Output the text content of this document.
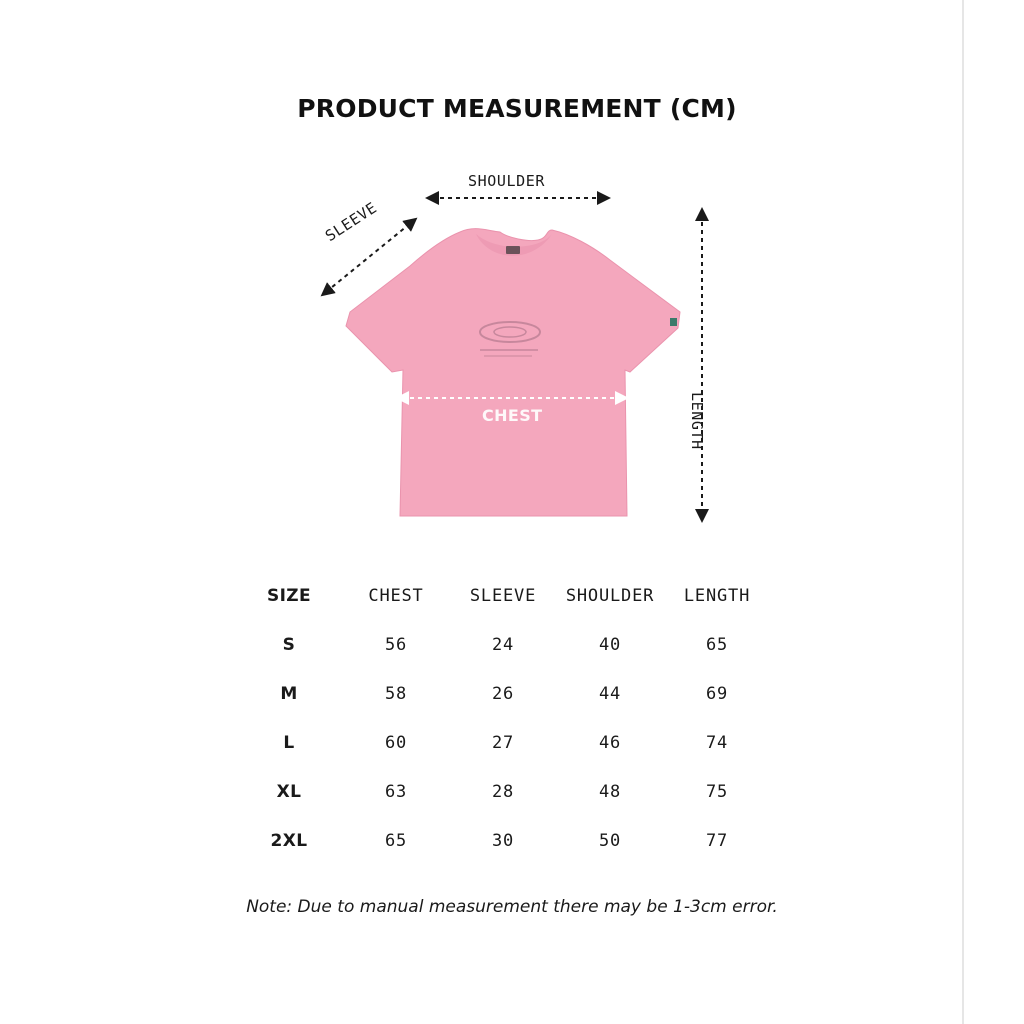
PRODUCT MEASUREMENT (CM)
SHOULDER
SLEEVE
LENGTH
CHEST
SIZE	CHEST	SLEEVE	SHOULDER	LENGTH
S	56	24	40	65
M	58	26	44	69
L	60	27	46	74
XL	63	28	48	75
2XL	65	30	50	77
Note: Due to manual measurement there may be 1-3cm error.
